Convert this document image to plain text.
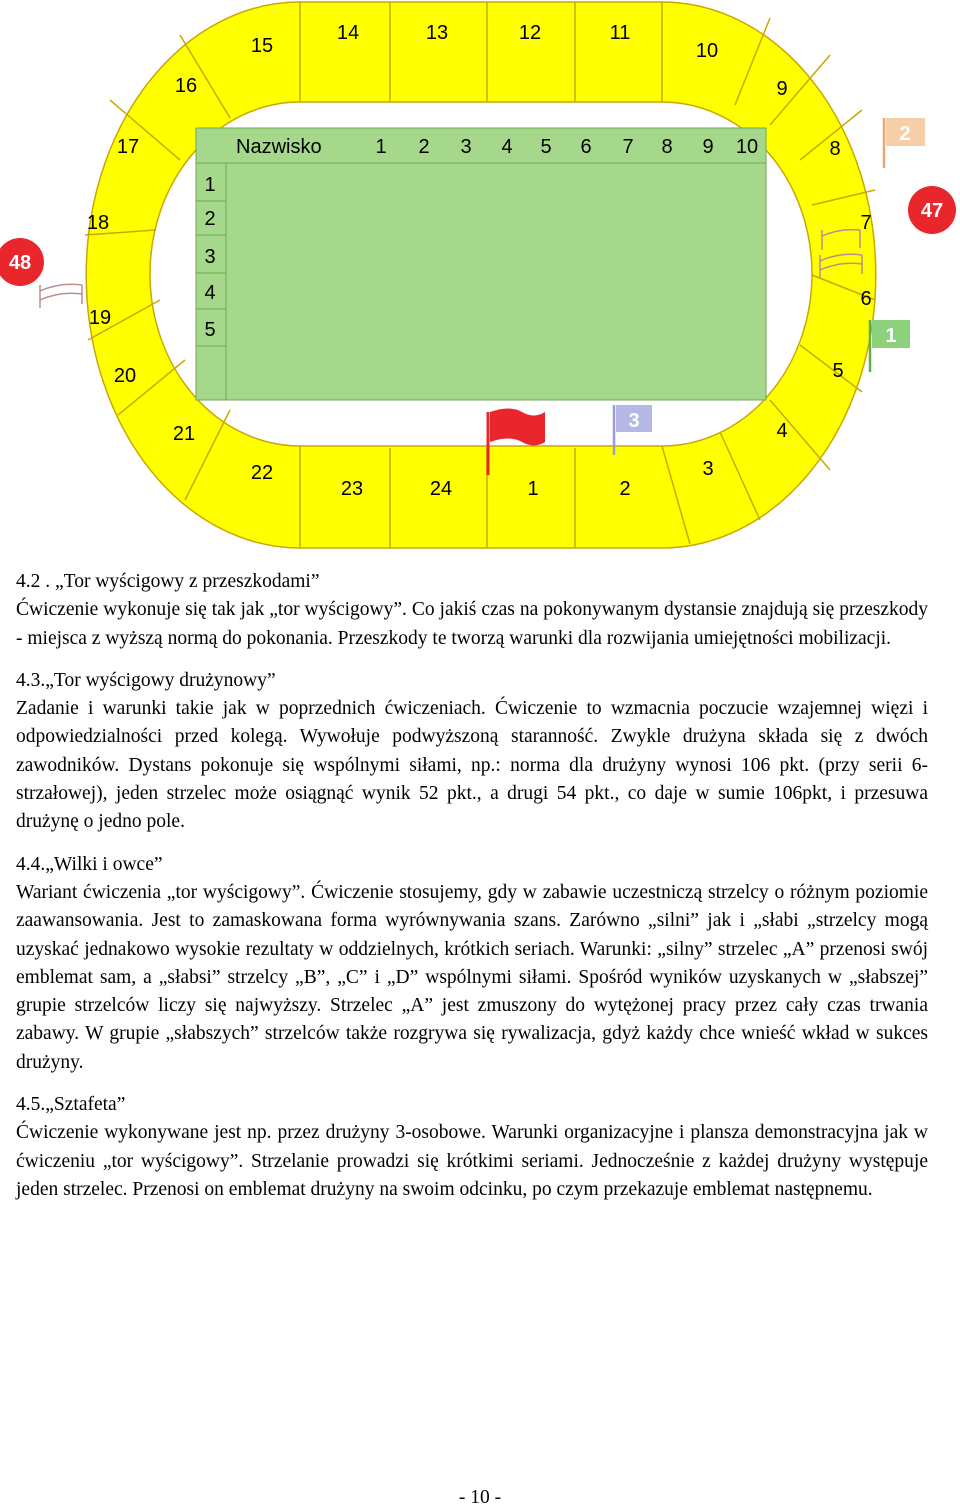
Nazwisko	1 2 3 4 5 6 7 8 9 10
1
2
3
4
5
3
2
1
47
48
1	2
3
4
5
6
7
8
9
10
11
12
13
14
15
16
17
18
19
20
21
22
23	24
4.2 . „Tor wyścigowy z przeszkodami”

Ćwiczenie wykonuje się tak jak „tor wyścigowy”. Co jakiś czas na pokonywanym dystansie znajdują się przeszkody - miejsca z wyższą normą do pokonania. Przeszkody te tworzą warunki dla rozwijania umiejętności mobilizacji.

4.3.„Tor wyścigowy drużynowy”

Zadanie i warunki takie jak w poprzednich ćwiczeniach. Ćwiczenie to wzmacnia poczucie wzajemnej więzi i odpowiedzialności przed kolegą. Wywołuje podwyższoną staranność. Zwykle drużyna składa się z dwóch zawodników. Dystans pokonuje się wspólnymi siłami, np.: norma dla drużyny wynosi 106 pkt. (przy serii 6-strzałowej), jeden strzelec może osiągnąć wynik 52 pkt., a drugi 54 pkt., co daje w sumie 106pkt, i przesuwa drużynę o jedno pole.

4.4.„Wilki i owce”

Wariant ćwiczenia „tor wyścigowy”. Ćwiczenie stosujemy, gdy w zabawie uczestniczą strzelcy o różnym poziomie zaawansowania. Jest to zamaskowana forma wyrównywania szans. Zarówno „silni” jak i „słabi „strzelcy mogą uzyskać jednakowo wysokie rezultaty w oddzielnych, krótkich seriach. Warunki: „silny” strzelec „A” przenosi swój emblemat sam, a „słabsi” strzelcy „B”, „C” i „D” wspólnymi siłami. Spośród wyników uzyskanych w „słabszej” grupie strzelców liczy się najwyższy. Strzelec „A” jest zmuszony do wytężonej pracy przez cały czas trwania zabawy. W grupie „słabszych” strzelców także rozgrywa się rywalizacja, gdyż każdy chce wnieść wkład w sukces drużyny.

4.5.„Sztafeta”

Ćwiczenie wykonywane jest np. przez drużyny 3-osobowe. Warunki organizacyjne i plansza demonstracyjna jak w ćwiczeniu „tor wyścigowy”. Strzelanie prowadzi się krótkimi seriami. Jednocześnie z każdej drużyny występuje jeden strzelec. Przenosi on emblemat drużyny na swoim odcinku, po czym przekazuje emblemat następnemu.

- 10 -
